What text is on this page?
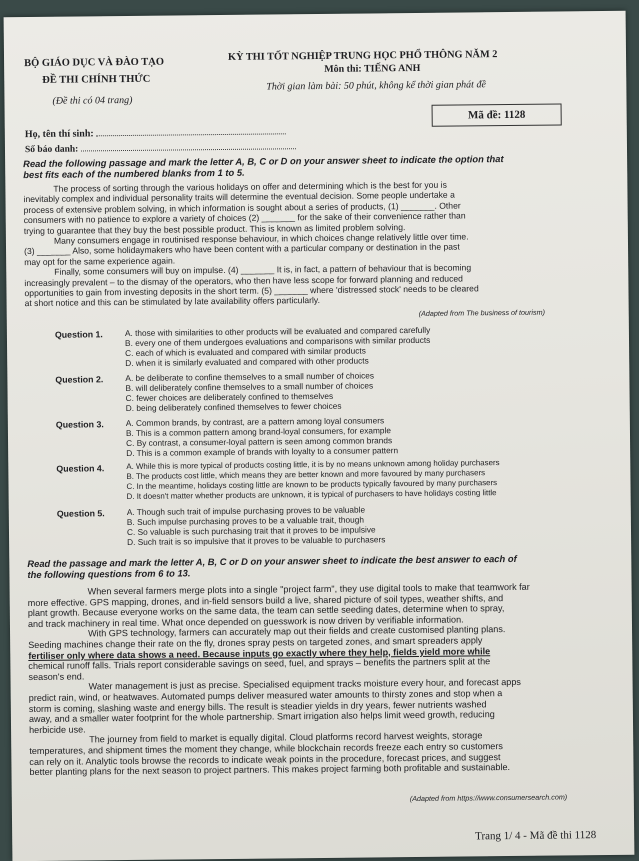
BỘ GIÁO DỤC VÀ ĐÀO TẠO
ĐỀ THI CHÍNH THỨC
(Đề thi có 04 trang)
KỲ THI TỐT NGHIỆP TRUNG HỌC PHỔ THÔNG NĂM 2
Môn thi: TIẾNG ANH
Thời gian làm bài: 50 phút, không kể thời gian phát đề
Họ, tên thí sinh:
Số báo danh:
Mã đề: 1128
Read the following passage and mark the letter A, B, C or D on your answer sheet to indicate the option that
best fits each of the numbered blanks from 1 to 5.

The process of sorting through the various holidays on offer and determining which is the best for you is

inevitably complex and individual personality traits will determine the eventual decision. Some people undertake a
process of extensive problem solving, in which information is sought about a series of products, (1) _______. Other
consumers with no patience to explore a variety of choices (2) _______ for the sake of their convenience rather than
trying to guarantee that they buy the best possible product. This is known as limited problem solving.

Many consumers engage in routinised response behaviour, in which choices change relatively little over time.

(3) _______ Also, some holidaymakers who have been content with a particular company or destination in the past
may opt for the same experience again.

Finally, some consumers will buy on impulse. (4) _______ It is, in fact, a pattern of behaviour that is becoming

increasingly prevalent – to the dismay of the operators, who then have less scope for forward planning and reduced
opportunities to gain from investing deposits in the short term. (5) _______ where 'distressed stock' needs to be cleared
at short notice and this can be stimulated by late availability offers particularly.
(Adapted from The business of tourism)
Question 1.	A. those with similarities to other products will be evaluated and compared carefully
B. every one of them undergoes evaluations and comparisons with similar products
C. each of which is evaluated and compared with similar products
D. when it is similarly evaluated and compared with other products
Question 2.	A. be deliberate to confine themselves to a small number of choices
B. will deliberately confine themselves to a small number of choices
C. fewer choices are deliberately confined to themselves
D. being deliberately confined themselves to fewer choices
Question 3.	A. Common brands, by contrast, are a pattern among loyal consumers
B. This is a common pattern among brand-loyal consumers, for example
C. By contrast, a consumer-loyal pattern is seen among common brands
D. This is a common example of brands with loyalty to a consumer pattern
Question 4.	A. While this is more typical of products costing little, it is by no means unknown among holiday purchasers
B. The products cost little, which means they are better known and more favoured by many purchasers
C. In the meantime, holidays costing little are known to be products typically favoured by many purchasers
D. It doesn't matter whether products are unknown, it is typical of purchasers to have holidays costing little
Question 5.	A. Though such trait of impulse purchasing proves to be valuable
B. Such impulse purchasing proves to be a valuable trait, though
C. So valuable is such purchasing trait that it proves to be impulsive
D. Such trait is so impulsive that it proves to be valuable to purchasers
Read the passage and mark the letter A, B, C or D on your answer sheet to indicate the best answer to each of
the following questions from 6 to 13.

When several farmers merge plots into a single "project farm", they use digital tools to make that teamwork far

more effective. GPS mapping, drones, and in-field sensors build a live, shared picture of soil types, weather shifts, and
plant growth. Because everyone works on the same data, the team can settle seeding dates, determine when to spray,
and track machinery in real time. What once depended on guesswork is now driven by verifiable information.

With GPS technology, farmers can accurately map out their fields and create customised planting plans.

Seeding machines change their rate on the fly, drones spray pests on targeted zones, and smart spreaders apply
fertiliser only where data shows a need. Because inputs go exactly where they help, fields yield more while
chemical runoff falls. Trials report considerable savings on seed, fuel, and sprays – benefits the partners split at the
season's end.

Water management is just as precise. Specialised equipment tracks moisture every hour, and forecast apps

predict rain, wind, or heatwaves. Automated pumps deliver measured water amounts to thirsty zones and stop when a
storm is coming, slashing waste and energy bills. The result is steadier yields in dry years, fewer nutrients washed
away, and a smaller water footprint for the whole partnership. Smart irrigation also helps limit weed growth, reducing
herbicide use.

The journey from field to market is equally digital. Cloud platforms record harvest weights, storage

temperatures, and shipment times the moment they change, while blockchain records freeze each entry so customers
can rely on it. Analytic tools browse the records to indicate weak points in the procedure, forecast prices, and suggest
better planting plans for the next season to project partners. This makes project farming both profitable and sustainable.
(Adapted from https://www.consumersearch.com)
Trang 1/ 4 - Mã đề thi 1128
